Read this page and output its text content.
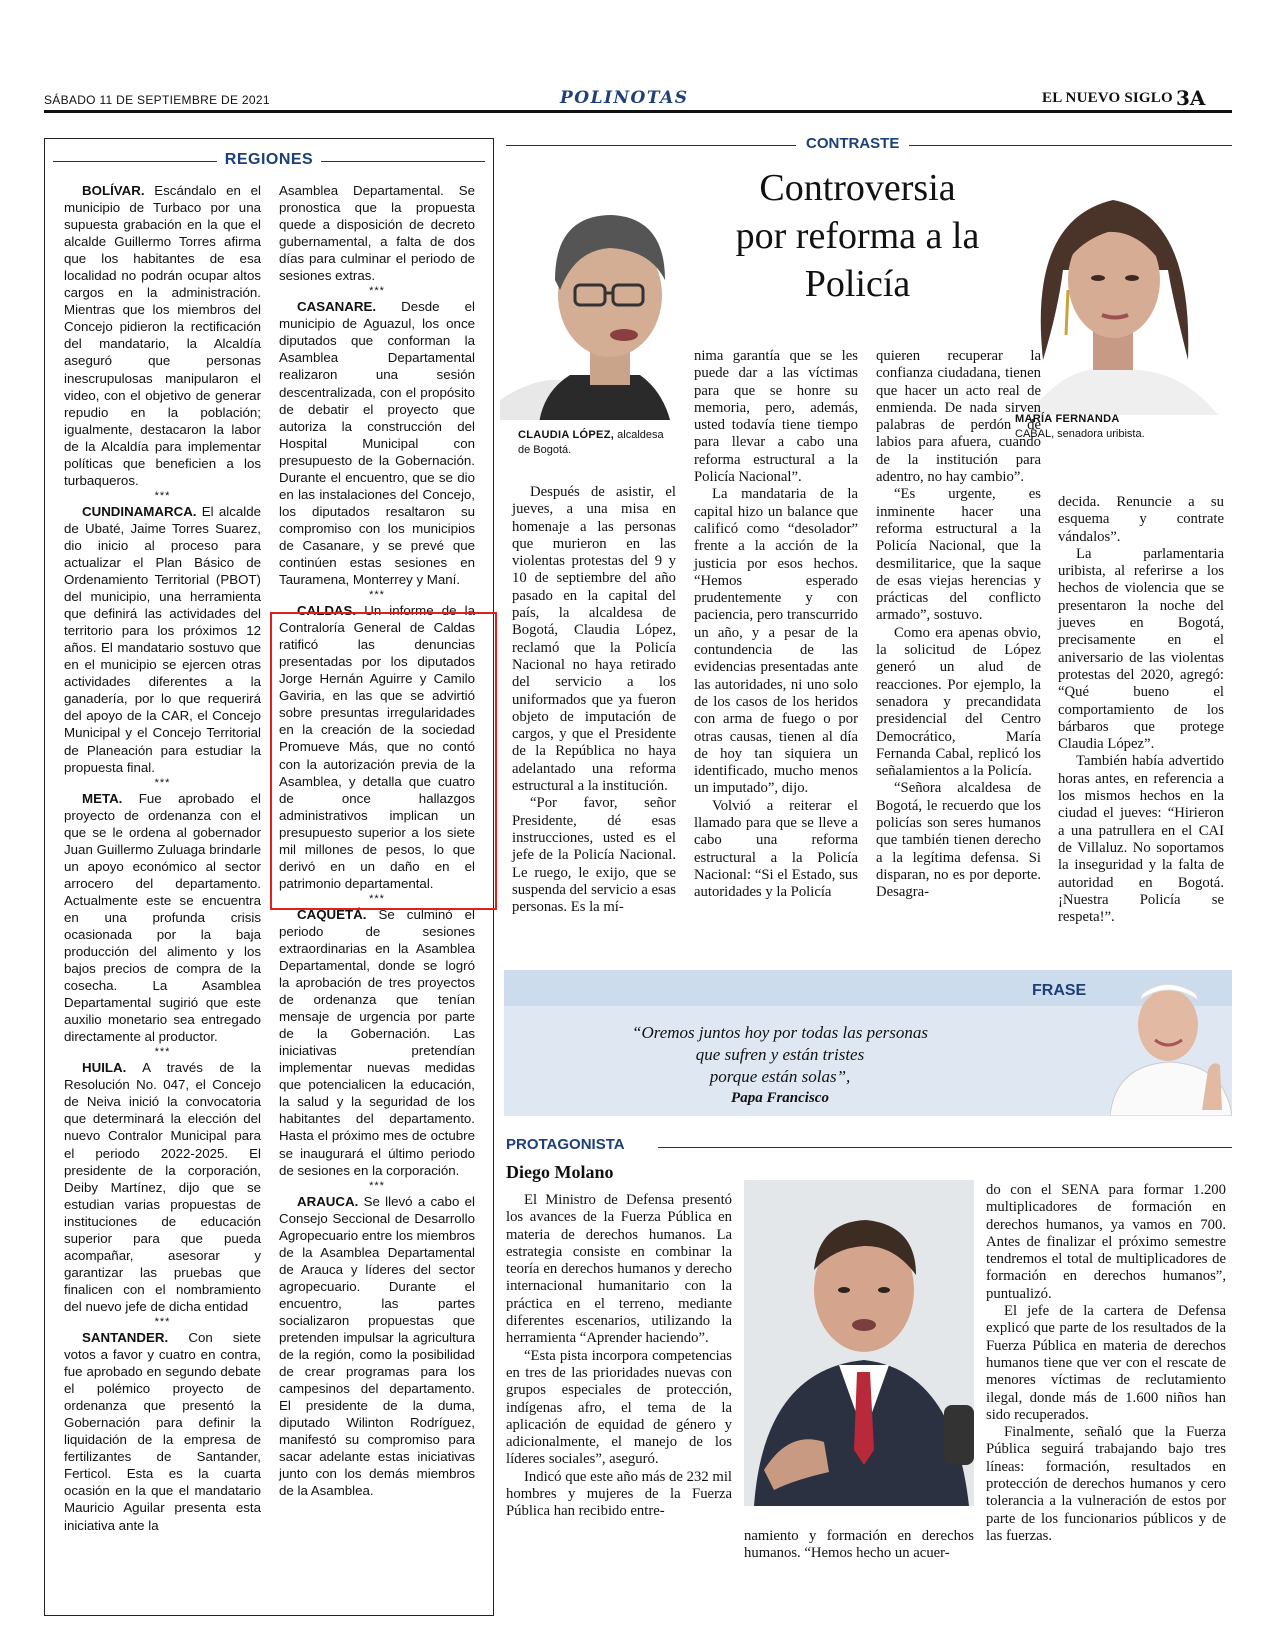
SÁBADO 11 DE SEPTIEMBRE DE 2021	POLINOTAS	EL NUEVO SIGLO 3A
REGIONES

BOLÍVAR. Escándalo en el municipio de Turbaco por una supuesta grabación en la que el alcalde Guillermo Torres afirma que los habitantes de esa localidad no podrán ocupar altos cargos en la administración. Mientras que los miembros del Concejo pidieron la rectificación del mandatario, la Alcaldía aseguró que personas inescrupulosas manipularon el video, con el objetivo de generar repudio en la población; igualmente, destacaron la labor de la Alcaldía para implementar políticas que beneficien a los turbaqueros.

***

CUNDINAMARCA. El alcalde de Ubaté, Jaime Torres Suarez, dio inicio al proceso para actualizar el Plan Básico de Ordenamiento Territorial (PBOT) del municipio, una herramienta que definirá las actividades del territorio para los próximos 12 años. El mandatario sostuvo que en el municipio se ejercen otras actividades diferentes a la ganadería, por lo que requerirá del apoyo de la CAR, el Concejo Municipal y el Concejo Territorial de Planeación para estudiar la propuesta final.

***

META. Fue aprobado el proyecto de ordenanza con el que se le ordena al gobernador Juan Guillermo Zuluaga brindarle un apoyo económico al sector arrocero del departamento. Actualmente este se encuentra en una profunda crisis ocasionada por la baja producción del alimento y los bajos precios de compra de la cosecha. La Asamblea Departamental sugirió que este auxilio monetario sea entregado directamente al productor.

***

HUILA. A través de la Resolución No. 047, el Concejo de Neiva inició la convocatoria que determinará la elección del nuevo Contralor Municipal para el periodo 2022-2025. El presidente de la corporación, Deiby Martínez, dijo que se estudian varias propuestas de instituciones de educación superior para que pueda acompañar, asesorar y garantizar las pruebas que finalicen con el nombramiento del nuevo jefe de dicha entidad

***

SANTANDER. Con siete votos a favor y cuatro en contra, fue aprobado en segundo debate el polémico proyecto de ordenanza que presentó la Gobernación para definir la liquidación de la empresa de fertilizantes de Santander, Ferticol. Esta es la cuarta ocasión en la que el mandatario Mauricio Aguilar presenta esta iniciativa ante la

Asamblea Departamental. Se pronostica que la propuesta quede a disposición de decreto gubernamental, a falta de dos días para culminar el periodo de sesiones extras.

***

CASANARE. Desde el municipio de Aguazul, los once diputados que conforman la Asamblea Departamental realizaron una sesión descentralizada, con el propósito de debatir el proyecto que autoriza la construcción del Hospital Municipal con presupuesto de la Gobernación. Durante el encuentro, que se dio en las instalaciones del Concejo, los diputados resaltaron su compromiso con los municipios de Casanare, y se prevé que continúen estas sesiones en Tauramena, Monterrey y Maní.

***

CALDAS. Un informe de la Contraloría General de Caldas ratificó las denuncias presentadas por los diputados Jorge Hernán Aguirre y Camilo Gaviria, en las que se advirtió sobre presuntas irregularidades en la creación de la sociedad Promueve Más, que no contó con la autorización previa de la Asamblea, y detalla que cuatro de once hallazgos administrativos implican un presupuesto superior a los siete mil millones de pesos, lo que derivó en un daño en el patrimonio departamental.

***

CAQUETÁ. Se culminó el periodo de sesiones extraordinarias en la Asamblea Departamental, donde se logró la aprobación de tres proyectos de ordenanza que tenían mensaje de urgencia por parte de la Gobernación. Las iniciativas pretendían implementar nuevas medidas que potencialicen la educación, la salud y la seguridad de los habitantes del departamento. Hasta el próximo mes de octubre se inaugurará el último periodo de sesiones en la corporación.

***

ARAUCA. Se llevó a cabo el Consejo Seccional de Desarrollo Agropecuario entre los miembros de la Asamblea Departamental de Arauca y líderes del sector agropecuario. Durante el encuentro, las partes socializaron propuestas que pretenden impulsar la agricultura de la región, como la posibilidad de crear programas para los campesinos del departamento. El presidente de la duma, diputado Wilinton Rodríguez, manifestó su compromiso para sacar adelante estas iniciativas junto con los demás miembros de la Asamblea.

CONTRASTE
Controversia por reforma a la Policía
CLAUDIA LÓPEZ, alcaldesa de Bogotá.
MARÍA FERNANDA
CABAL, senadora uribista.

Después de asistir, el jueves, a una misa en homenaje a las personas que murieron en las violentas protestas del 9 y 10 de septiembre del año pasado en la capital del país, la alcaldesa de Bogotá, Claudia López, reclamó que la Policía Nacional no haya retirado del servicio a los uniformados que ya fueron objeto de imputación de cargos, y que el Presidente de la República no haya adelantado una reforma estructural a la institución.

“Por favor, señor Presidente, dé esas instrucciones, usted es el jefe de la Policía Nacional. Le ruego, le exijo, que se suspenda del servicio a esas personas. Es la mí-

nima garantía que se les puede dar a las víctimas para que se honre su memoria, pero, además, usted todavía tiene tiempo para llevar a cabo una reforma estructural a la Policía Nacional”.

La mandataria de la capital hizo un balance que calificó como “desolador” frente a la acción de la justicia por esos hechos. “Hemos esperado prudentemente y con paciencia, pero transcurrido un año, y a pesar de la contundencia de las evidencias presentadas ante las autoridades, ni uno solo de los casos de los heridos con arma de fuego o por otras causas, tienen al día de hoy tan siquiera un identificado, mucho menos un imputado”, dijo.

Volvió a reiterar el llamado para que se lleve a cabo una reforma estructural a la Policía Nacional: “Si el Estado, sus autoridades y la Policía

quieren recuperar la confianza ciudadana, tienen que hacer un acto real de enmienda. De nada sirven palabras de perdón de labios para afuera, cuando de la institución para adentro, no hay cambio”.

“Es urgente, es inminente hacer una reforma estructural a la Policía Nacional, que la desmilitarice, que la saque de esas viejas herencias y prácticas del conflicto armado”, sostuvo.

Como era apenas obvio, la solicitud de López generó un alud de reacciones. Por ejemplo, la senadora y precandidata presidencial del Centro Democrático, María Fernanda Cabal, replicó los señalamientos a la Policía.

“Señora alcaldesa de Bogotá, le recuerdo que los policías son seres humanos que también tienen derecho a la legítima defensa. Si disparan, no es por deporte. Desagra-

decida. Renuncie a su esquema y contrate vándalos”.

La parlamentaria uribista, al referirse a los hechos de violencia que se presentaron la noche del jueves en Bogotá, precisamente en el aniversario de las violentas protestas del 2020, agregó: “Qué bueno el comportamiento de los bárbaros que protege Claudia López”.

También había advertido horas antes, en referencia a los mismos hechos en la ciudad el jueves: “Hirieron a una patrullera en el CAI de Villaluz. No soportamos la inseguridad y la falta de autoridad en Bogotá. ¡Nuestra Policía se respeta!”.

FRASE
“Oremos juntos hoy por todas las personas
que sufren y están tristes
porque están solas”,
Papa Francisco
PROTAGONISTA
Diego Molano

El Ministro de Defensa presentó los avances de la Fuerza Pública en materia de derechos humanos. La estrategia consiste en combinar la teoría en derechos humanos y derecho internacional humanitario con la práctica en el terreno, mediante diferentes escenarios, utilizando la herramienta “Aprender haciendo”.

“Esta pista incorpora competencias en tres de las prioridades nuevas con grupos especiales de protección, indígenas afro, el tema de la aplicación de equidad de género y adicionalmente, el manejo de los líderes sociales”, aseguró.

Indicó que este año más de 232 mil hombres y mujeres de la Fuerza Pública han recibido entre-

namiento y formación en derechos humanos. “Hemos hecho un acuer-

do con el SENA para formar 1.200 multiplicadores de formación en derechos humanos, ya vamos en 700. Antes de finalizar el próximo semestre tendremos el total de multiplicadores de formación en derechos humanos”, puntualizó.

El jefe de la cartera de Defensa explicó que parte de los resultados de la Fuerza Pública en materia de derechos humanos tiene que ver con el rescate de menores víctimas de reclutamiento ilegal, donde más de 1.600 niños han sido recuperados.

Finalmente, señaló que la Fuerza Pública seguirá trabajando bajo tres líneas: formación, resultados en protección de derechos humanos y cero tolerancia a la vulneración de estos por parte de los funcionarios públicos y de las fuerzas.
